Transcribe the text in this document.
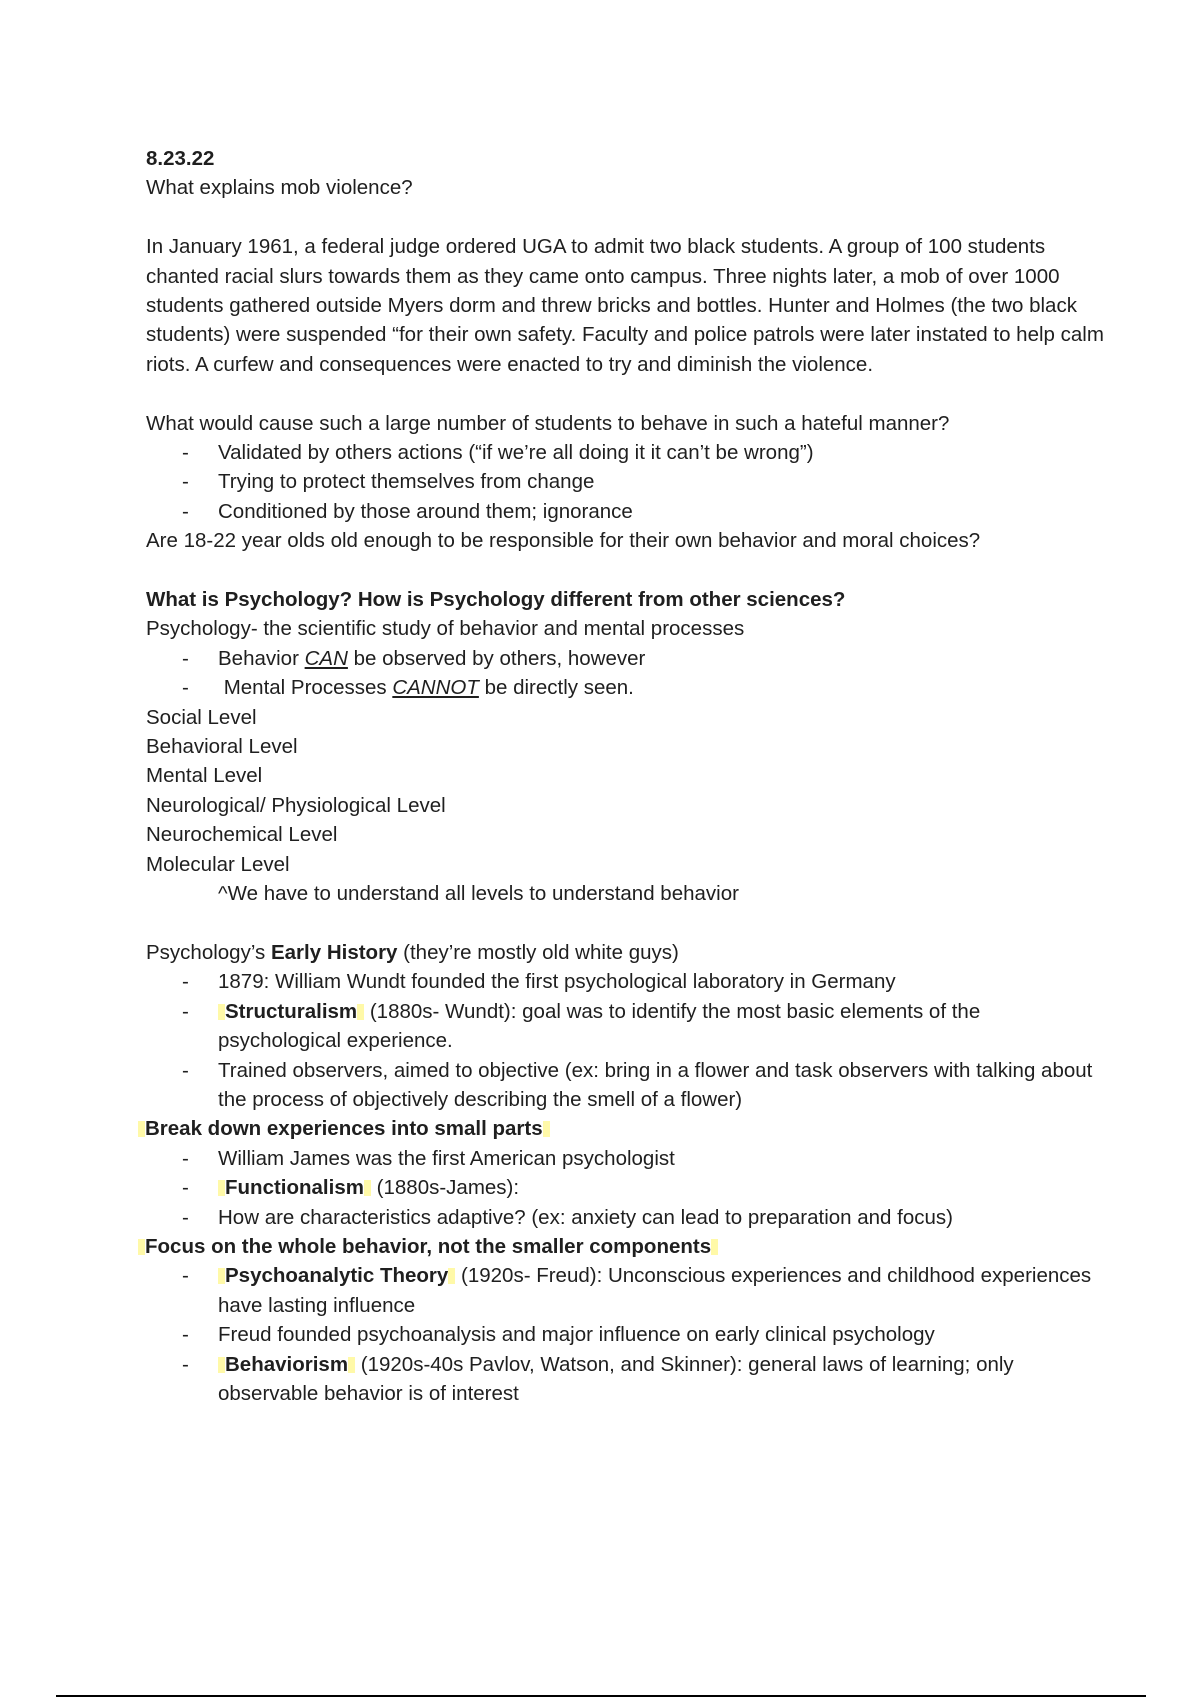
8.23.22

What explains mob violence?

In January 1961, a federal judge ordered UGA to admit two black students. A group of 100 students chanted racial slurs towards them as they came onto campus. Three nights later, a mob of over 1000 students gathered outside Myers dorm and threw bricks and bottles. Hunter and Holmes (the two black students) were suspended “for their own safety. Faculty and police patrols were later instated to help calm riots. A curfew and consequences were enacted to try and diminish the violence.

What would cause such a large number of students to behave in such a hateful manner?

- Validated by others actions (“if we’re all doing it it can’t be wrong”)
- Trying to protect themselves from change
- Conditioned by those around them; ignorance

Are 18-22 year olds old enough to be responsible for their own behavior and moral choices?

What is Psychology? How is Psychology different from other sciences?

Psychology- the scientific study of behavior and mental processes

- Behavior CAN be observed by others, however
-  Mental Processes CANNOT be directly seen.

Social Level

Behavioral Level

Mental Level

Neurological/ Physiological Level

Neurochemical Level

Molecular Level

^We have to understand all levels to understand behavior

Psychology’s Early History (they’re mostly old white guys)

- 1879: William Wundt founded the first psychological laboratory in Germany
- Structuralism (1880s- Wundt): goal was to identify the most basic elements of the psychological experience.
- Trained observers, aimed to objective (ex: bring in a flower and task observers with talking about the process of objectively describing the smell of a flower)

Break down experiences into small parts

- William James was the first American psychologist
- Functionalism (1880s-James):
- How are characteristics adaptive? (ex: anxiety can lead to preparation and focus)

Focus on the whole behavior, not the smaller components

- Psychoanalytic Theory (1920s- Freud): Unconscious experiences and childhood experiences have lasting influence
- Freud founded psychoanalysis and major influence on early clinical psychology
- Behaviorism (1920s-40s Pavlov, Watson, and Skinner): general laws of learning; only observable behavior is of interest
